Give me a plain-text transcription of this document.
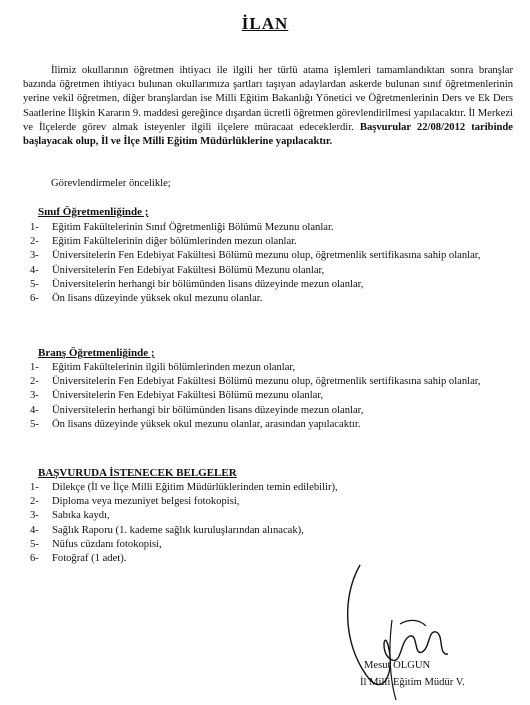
İLAN
İlimiz okullarının öğretmen ihtiyacı ile ilgili her türlü atama işlemleri tamamlandıktan sonra branşlar bazında öğretmen ihtiyacı bulunan okullarımıza şartları taşıyan adaylardan askerde bulunan sınıf öğretmenlerinin yerine vekil öğretmen, diğer branşlardan ise Milli Eğitim Bakanlığı Yönetici ve Öğretmenlerinin Ders ve Ek Ders Saatlerine İlişkin Kararın 9. maddesi gereğince dışardan ücretli öğretmen görevlendirilmesi yapılacaktır. İl Merkezi ve İlçelerde görev almak isteyenler ilgili ilçelere müracaat edeceklerdir. Başvurular 22/08/2012 taribinde başlayacak olup, İl ve İlçe Milli Eğitim Müdürlüklerine yapılacaktır.
Görevlendirmeler öncelikle;
Sınıf Öğretmenliğinde ;
1-	Eğitim Fakültelerinin Sınıf Öğretmenliği Bölümü Mezunu olanlar.
2-	Eğitim Fakültelerinin diğer bölümlerinden mezun olanlar.
3-	Üniversitelerin Fen Edebiyat Fakültesi Bölümü mezunu olup, öğretmenlik sertifikasına sahip olanlar,
4-	Üniversitelerin Fen Edebiyat Fakültesi Bölümü Mezunu olanlar,
5-	Üniversitelerin herhangi bir bölümünden lisans düzeyinde mezun olanlar,
6-	Ön lisans düzeyinde yüksek okul mezunu olanlar.
Branş Öğretmenliğinde ;
1-	Eğitim Fakültelerinin ilgili bölümlerinden mezun olanlar,
2-	Üniversitelerin Fen Edebiyat Fakültesi Bölümü mezunu olup, öğretmenlik sertifikasına sahip olanlar,
3-	Üniversitelerin Fen Edebiyat Fakültesi Bölümü mezunu olanlar,
4-	Üniversitelerin herhangi bir bölümünden lisans düzeyinde mezun olanlar,
5-	Ön lisans düzeyinde yüksek okul mezunu olanlar, arasından yapılacaktır.
BAŞVURUDA İSTENECEK BELGELER
1-	Dilekçe (İl ve İlçe Milli Eğitim Müdürlüklerinden temin edilebilir),
2-	Diploma veya mezuniyet belgesi fotokopisi,
3-	Sabıka kaydı,
4-	Sağlık Raporu (1. kademe sağlık kuruluşlarından alınacak),
5-	Nüfus cüzdanı fotokopisi,
6-	Fotoğraf (1 adet).
Mesut OLGUN
İl Milli Eğitim Müdür V.
